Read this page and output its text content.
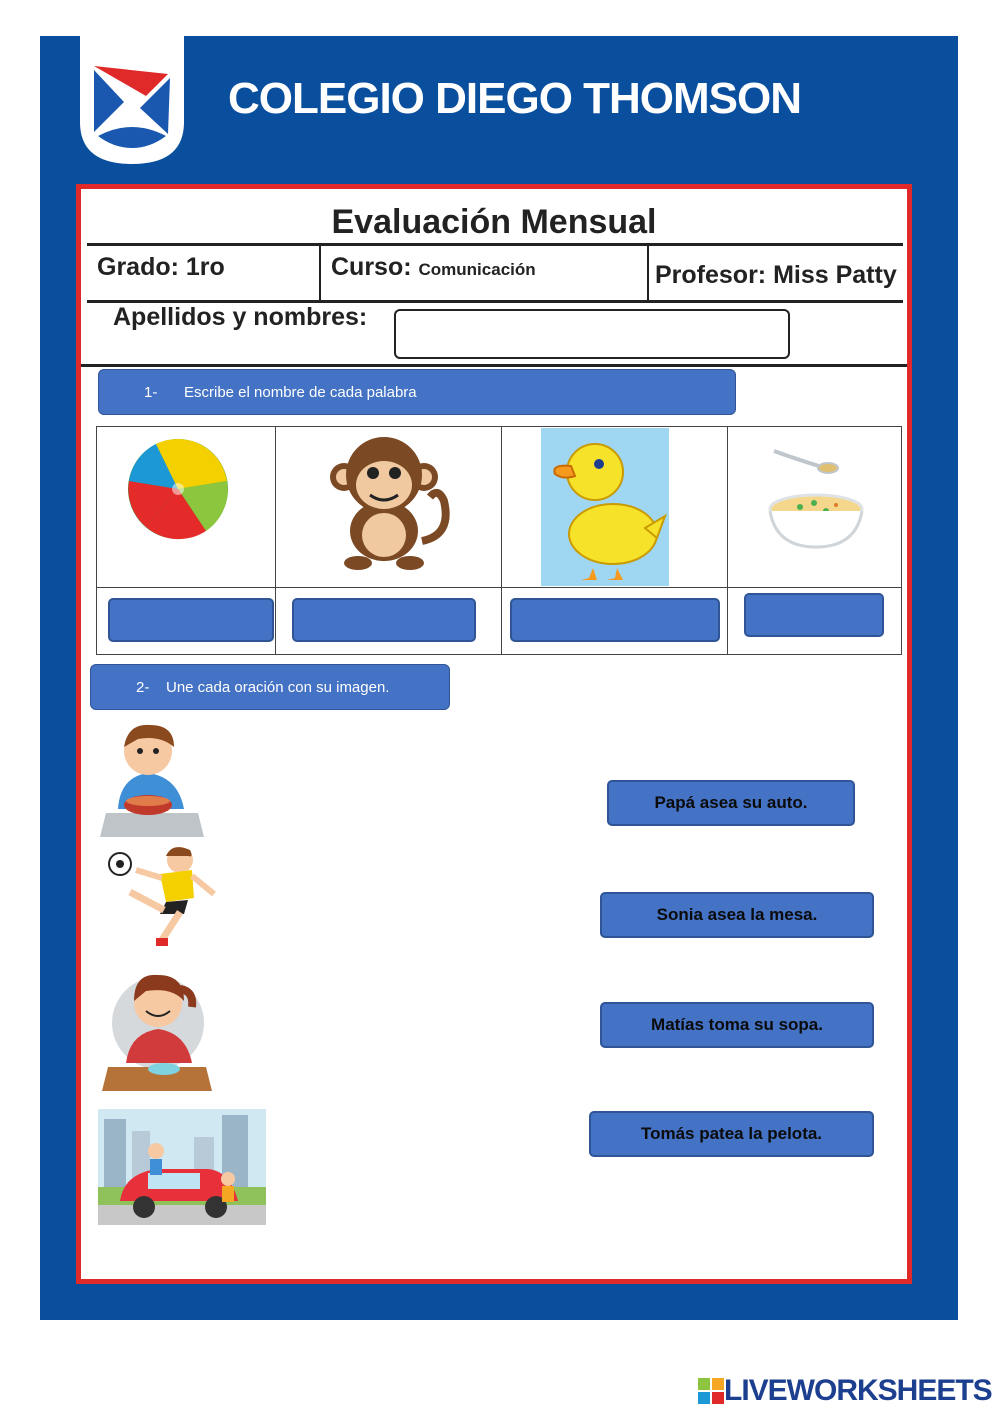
COLEGIO DIEGO THOMSON
Evaluación Mensual
Grado: 1ro	Curso: Comunicación	Profesor: Miss Patty
Apellidos y nombres:
1-	Escribe el nombre de cada palabra
2-	Une cada oración con su imagen.
Papá asea su auto.
Sonia asea la mesa.
Matías toma su sopa.
Tomás patea la pelota.
LIVEWORKSHEETS
